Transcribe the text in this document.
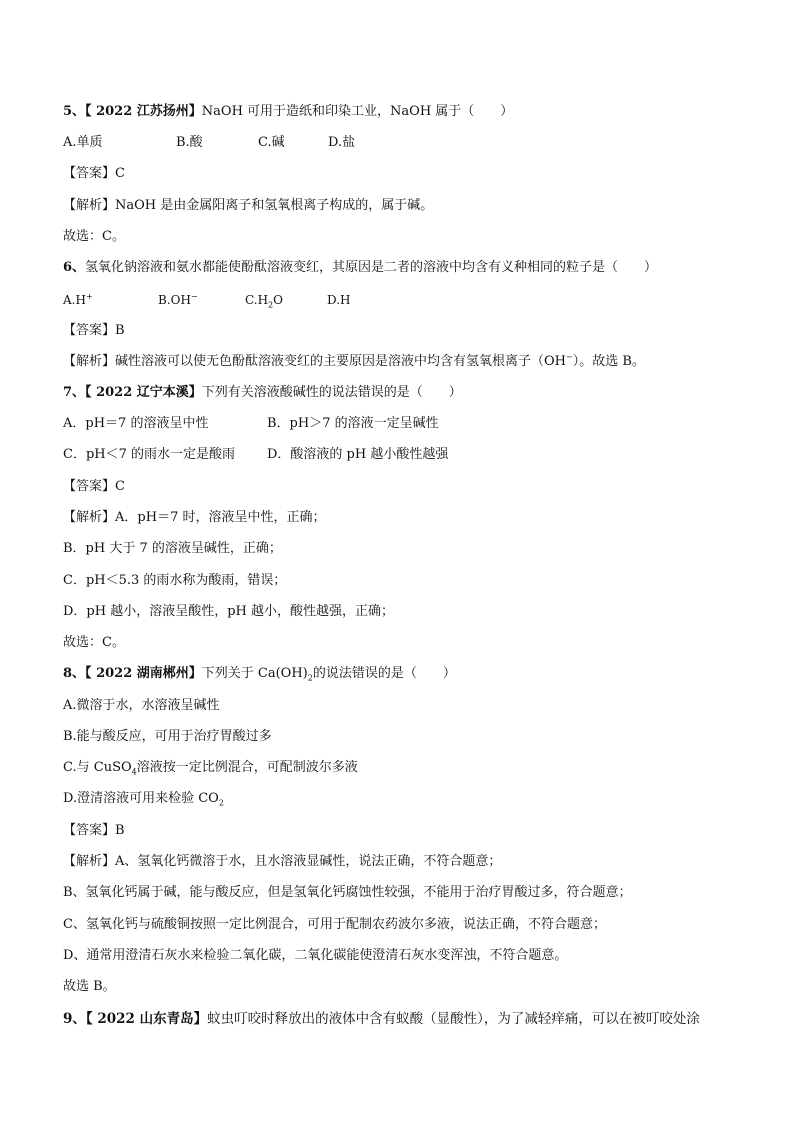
5、【 2022 江苏扬州】NaOH 可用于造纸和印染工业，NaOH 属于（　　）
A.单质	B.酸	C.碱	D.盐
【答案】C
【解析】NaOH 是由金属阳离子和氢氧根离子构成的，属于碱。
故选：C。
6、氢氧化钠溶液和氨水都能使酚酞溶液变红，其原因是二者的溶液中均含有义种相同的粒子是（　　）
A.H+	B.OH−	$C.H_2O$	D.H
【答案】B
【解析】碱性溶液可以使无色酚酞溶液变红的主要原因是溶液中均含有氢氧根离子（OH−）。故选 B。
7、【 2022 辽宁本溪】下列有关溶液酸碱性的说法错误的是（　　）
A．pH＝7 的溶液呈中性	B．pH＞7 的溶液一定呈碱性
C．pH＜7 的雨水一定是酸雨 D．酸溶液的 pH 越小酸性越强
【答案】C
【解析】A．pH＝7 时，溶液呈中性，正确；
B．pH 大于 7 的溶液呈碱性，正确；
C．pH＜5.3 的雨水称为酸雨，错误；
D．pH 越小，溶液呈酸性，pH 越小，酸性越强，正确；
故选：C。
8、【 2022 湖南郴州】下列关于 $Ca(OH)_2$的说法错误的是（　　）
A.微溶于水，水溶液呈碱性
B.能与酸反应，可用于治疗胃酸过多
C.与 CuSO$_4$溶液按一定比例混合，可配制波尔多液
D.澄清溶液可用来检验 $CO_2$
【答案】B
【解析】A、氢氧化钙微溶于水，且水溶液显碱性，说法正确，不符合题意；
B、氢氧化钙属于碱，能与酸反应，但是氢氧化钙腐蚀性较强，不能用于治疗胃酸过多，符合题意；
C、氢氧化钙与硫酸铜按照一定比例混合，可用于配制农药波尔多液，说法正确，不符合题意；
D、通常用澄清石灰水来检验二氧化碳，二氧化碳能使澄清石灰水变浑浊，不符合题意。
故选 B。
9、【 2022 山东青岛】蚊虫叮咬时释放出的液体中含有蚁酸（显酸性），为了减轻痒痛，可以在被叮咬处涂
